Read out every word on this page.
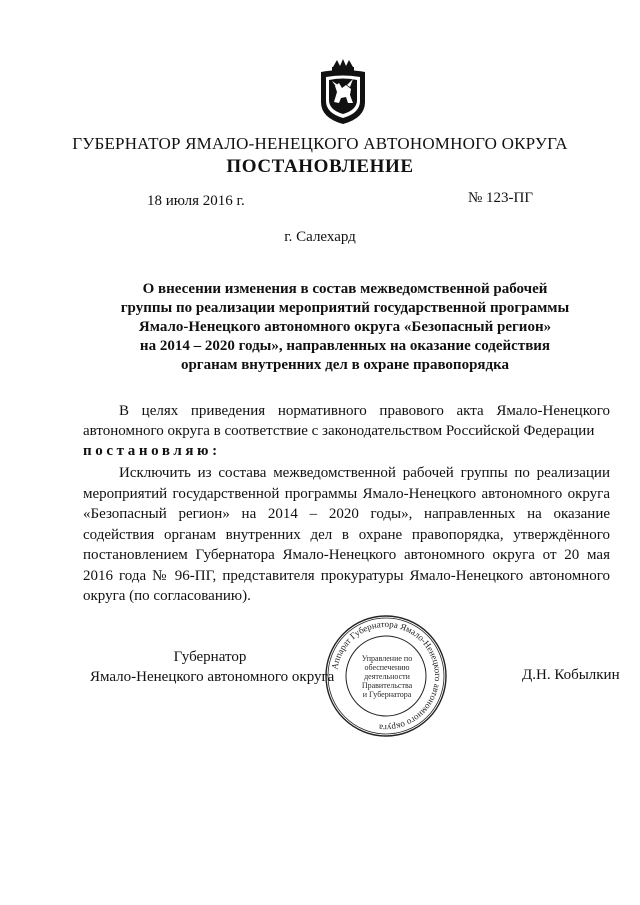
ГУБЕРНАТОР ЯМАЛО-НЕНЕЦКОГО АВТОНОМНОГО ОКРУГА
ПОСТАНОВЛЕНИЕ
18 июля 2016 г.	№ 123-ПГ
г. Салехард
О внесении изменения в состав межведомственной рабочей
группы по реализации мероприятий государственной программы
Ямало-Ненецкого автономного округа «Безопасный регион»
на 2014 – 2020 годы», направленных на оказание содействия
органам внутренних дел в охране правопорядка

В целях приведения нормативного правового акта Ямало-Ненецкого автономного округа в соответствие с законодательством Российской Федерации

постановляю:

Исключить из состава межведомственной рабочей группы по реализации мероприятий государственной программы Ямало-Ненецкого автономного округа «Безопасный регион» на 2014 – 2020 годы», направленных на оказание содействия органам внутренних дел в охране правопорядка, утверждённого постановлением Губернатора Ямало-Ненецкого автономного округа от 20 мая 2016 года № 96-ПГ, представителя прокуратуры Ямало-Ненецкого автономного округа (по согласованию).

Губернатор
Ямало-Ненецкого автономного округа
Аппарат Губернатора Ямало-Ненецкого автономного округа
Управление по
обеспечению
деятельности
Правительства
и Губернатора
Д.Н. Кобылкин
